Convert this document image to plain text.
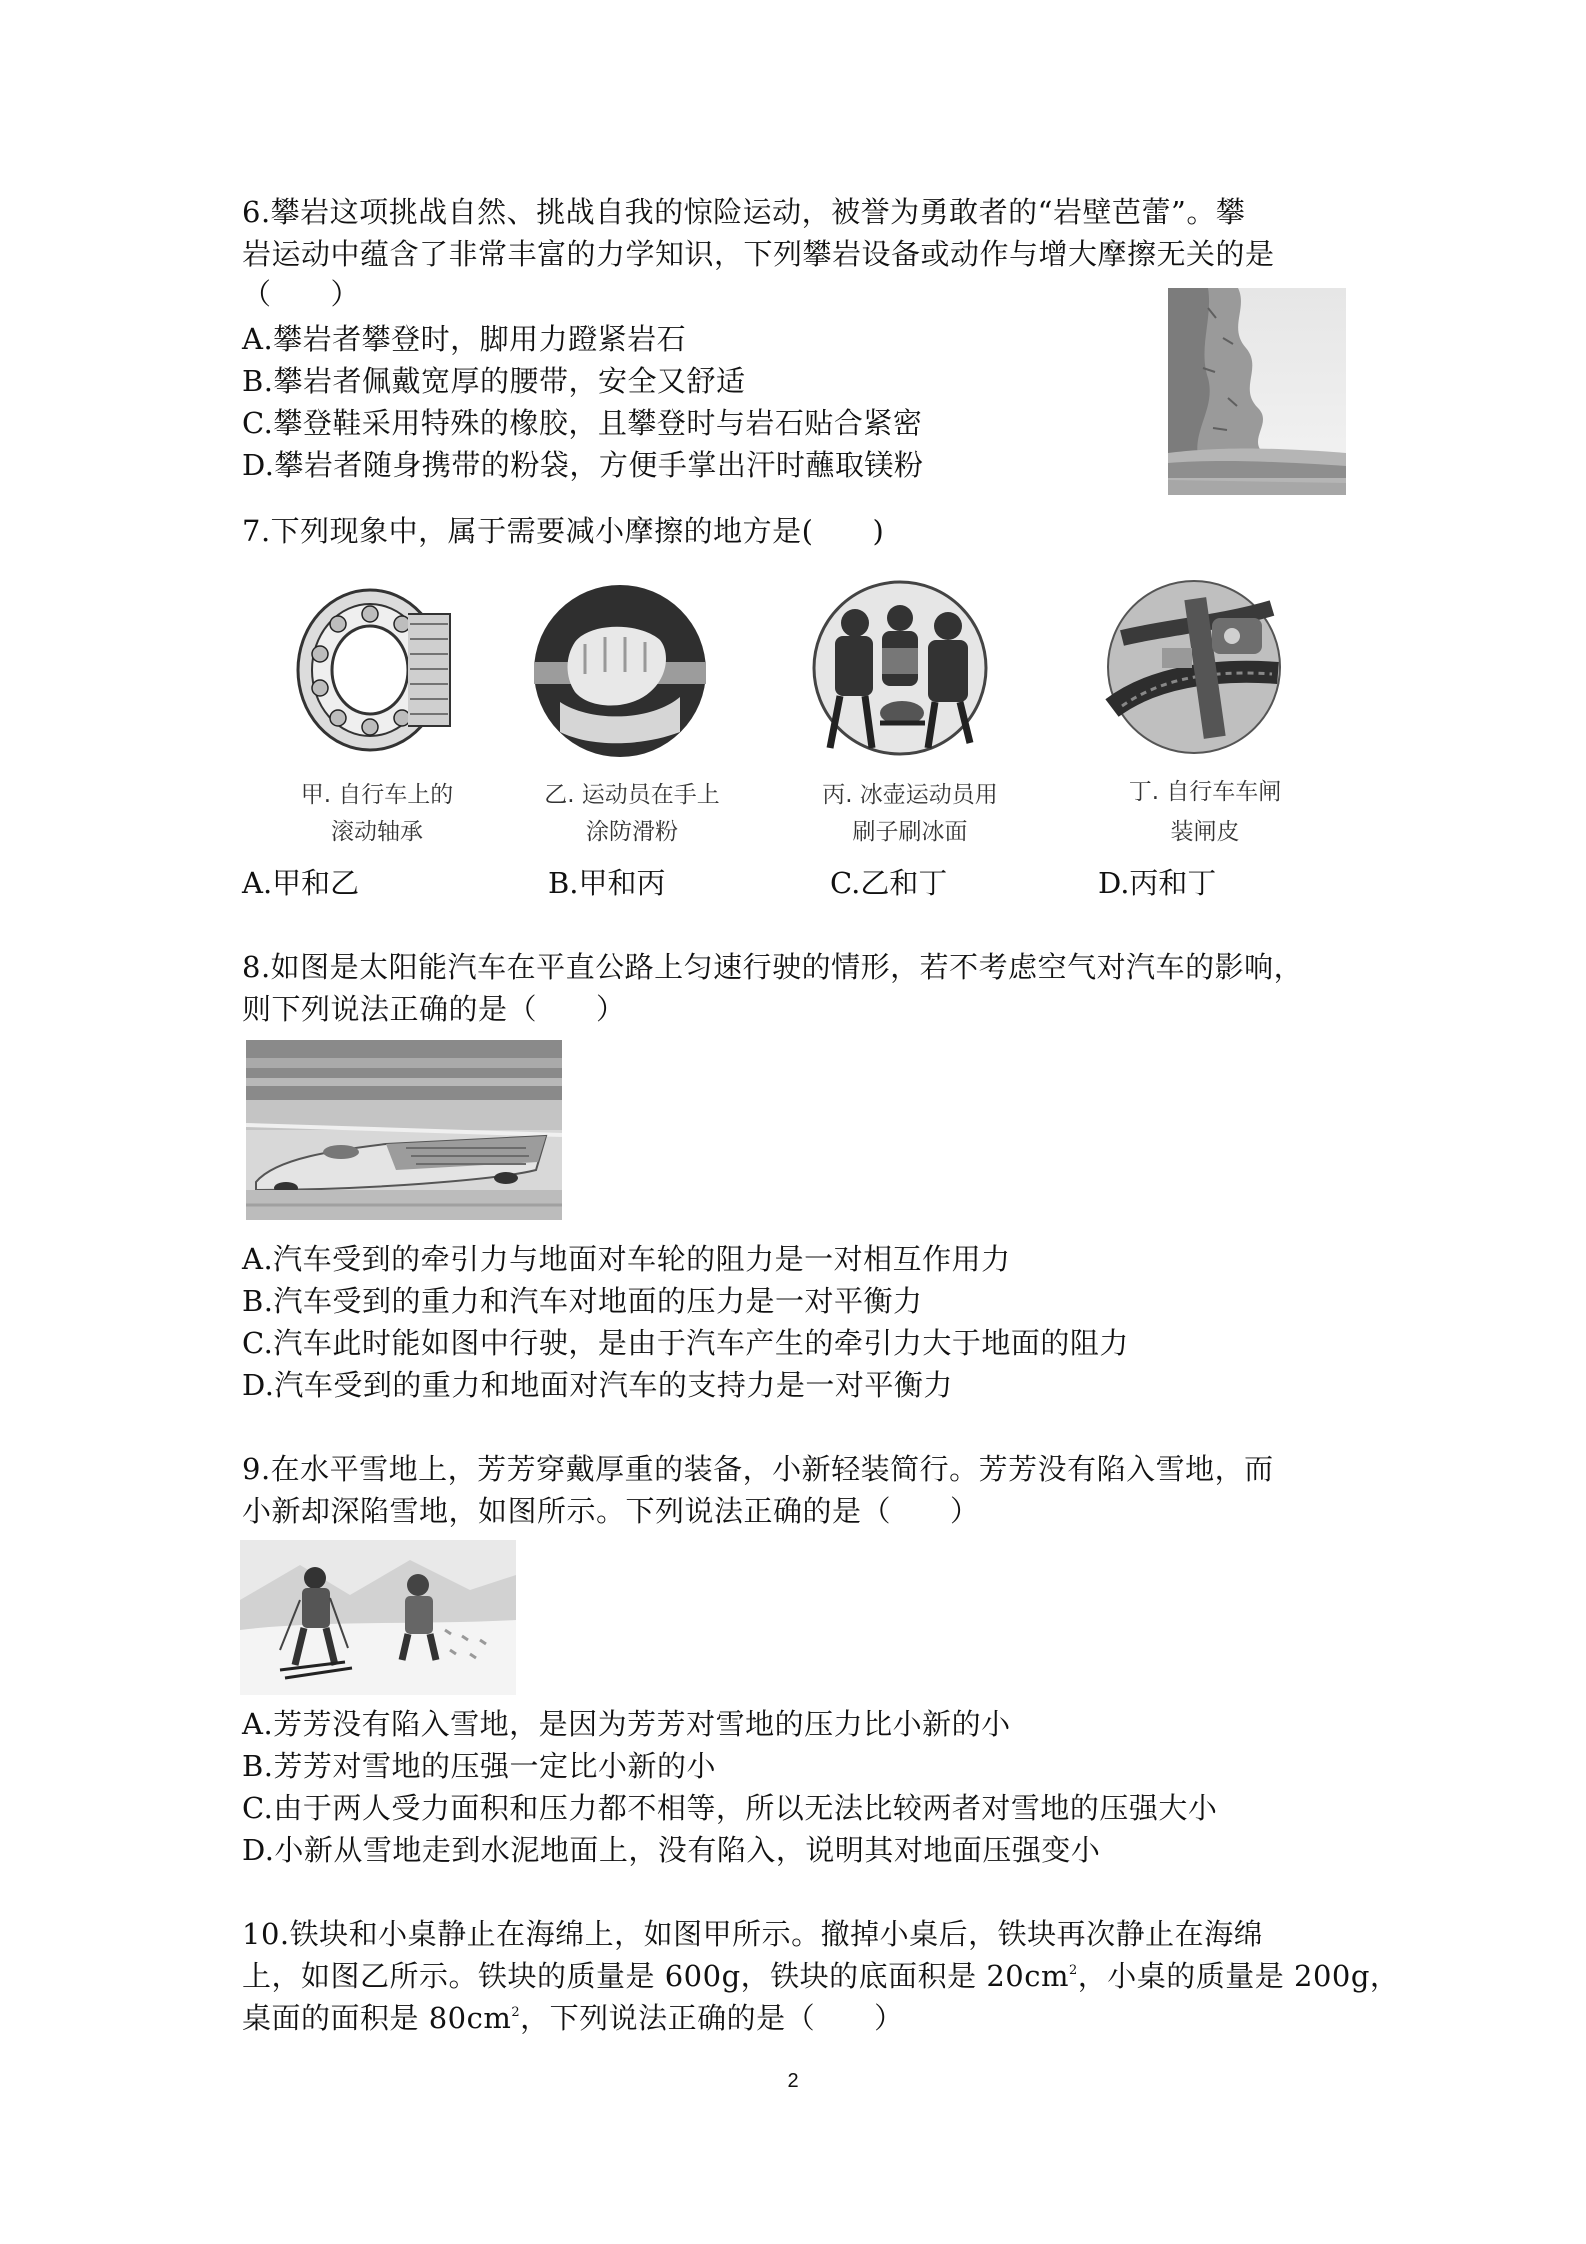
6.攀岩这项挑战自然、挑战自我的惊险运动，被誉为勇敢者的“岩壁芭蕾”。攀
岩运动中蕴含了非常丰富的力学知识，下列攀岩设备或动作与增大摩擦无关的是
（　　）
A.攀岩者攀登时，脚用力蹬紧岩石
B.攀岩者佩戴宽厚的腰带，安全又舒适
C.攀登鞋采用特殊的橡胶，且攀登时与岩石贴合紧密
D.攀岩者随身携带的粉袋，方便手掌出汗时蘸取镁粉
7.下列现象中，属于需要减小摩擦的地方是(　　)
甲. 自行车上的
滚动轴承
乙. 运动员在手上
涂防滑粉
丙. 冰壶运动员用
刷子刷冰面
丁. 自行车车闸
装闸皮
A.甲和乙	B.甲和丙	C.乙和丁	D.丙和丁
8.如图是太阳能汽车在平直公路上匀速行驶的情形，若不考虑空气对汽车的影响，
则下列说法正确的是（　　）
A.汽车受到的牵引力与地面对车轮的阻力是一对相互作用力
B.汽车受到的重力和汽车对地面的压力是一对平衡力
C.汽车此时能如图中行驶，是由于汽车产生的牵引力大于地面的阻力
D.汽车受到的重力和地面对汽车的支持力是一对平衡力
9.在水平雪地上，芳芳穿戴厚重的装备，小新轻装简行。芳芳没有陷入雪地，而
小新却深陷雪地，如图所示。下列说法正确的是（　　）
A.芳芳没有陷入雪地，是因为芳芳对雪地的压力比小新的小
B.芳芳对雪地的压强一定比小新的小
C.由于两人受力面积和压力都不相等，所以无法比较两者对雪地的压强大小
D.小新从雪地走到水泥地面上，没有陷入，说明其对地面压强变小
10.铁块和小桌静止在海绵上，如图甲所示。撤掉小桌后，铁块再次静止在海绵
上，如图乙所示。铁块的质量是 600g，铁块的底面积是 $20cm^2$，小桌的质量是 200g，
桌面的面积是 $80cm^2$，下列说法正确的是（　　）
2
